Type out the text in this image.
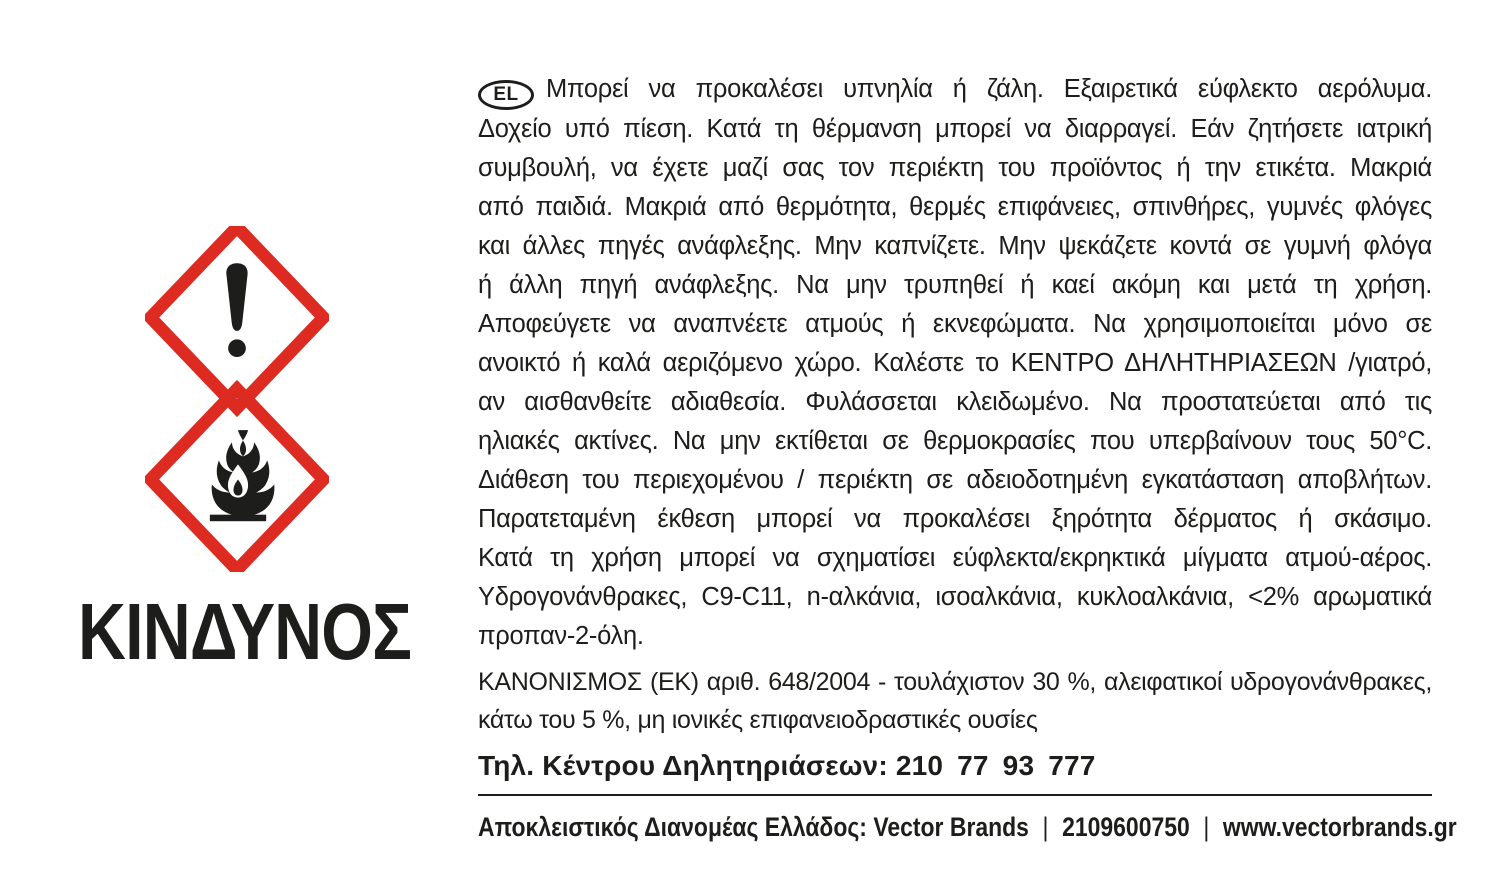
ΚΙΝΔΥΝΟΣ
EL Μπορεί να προκαλέσει υπνηλία ή ζάλη. Εξαιρετικά εύφλεκτο αερόλυμα.
Δοχείο υπό πίεση. Κατά τη θέρμανση μπορεί να διαρραγεί. Εάν ζητήσετε ιατρική
συμβουλή, να έχετε μαζί σας τον περιέκτη του προϊόντος ή την ετικέτα. Μακριά
από παιδιά. Μακριά από θερμότητα, θερμές επιφάνειες, σπινθήρες, γυμνές φλόγες
και άλλες πηγές ανάφλεξης. Μην καπνίζετε. Μην ψεκάζετε κοντά σε γυμνή φλόγα
ή άλλη πηγή ανάφλεξης. Να μην τρυπηθεί ή καεί ακόμη και μετά τη χρήση.
Αποφεύγετε να αναπνέετε ατμούς ή εκνεφώματα. Να χρησιμοποιείται μόνο σε
ανοικτό ή καλά αεριζόμενο χώρο. Καλέστε το ΚΕΝΤΡΟ ΔΗΛΗΤΗΡΙΑΣΕΩΝ /γιατρό,
αν αισθανθείτε αδιαθεσία. Φυλάσσεται κλειδωμένο. Να προστατεύεται από τις
ηλιακές ακτίνες. Να μην εκτίθεται σε θερμοκρασίες που υπερβαίνουν τους 50°C.
Διάθεση του περιεχομένου / περιέκτη σε αδειοδοτημένη εγκατάσταση αποβλήτων.
Παρατεταμένη έκθεση μπορεί να προκαλέσει ξηρότητα δέρματος ή σκάσιμο.
Κατά τη χρήση μπορεί να σχηματίσει εύφλεκτα/εκρηκτικά μίγματα ατμού-αέρος.
Υδρογονάνθρακες, C9-C11, n-αλκάνια, ισοαλκάνια, κυκλοαλκάνια, <2% αρωματικά
προπαν-2-όλη.
ΚΑΝΟΝΙΣΜΟΣ (ΕΚ) αριθ. 648/2004 - τουλάχιστον 30 %, αλειφατικοί υδρογονάνθρακες,
κάτω του 5 %, μη ιονικές επιφανειοδραστικές ουσίες
Τηλ. Κέντρου Δηλητηριάσεων: 210 77 93 777
Αποκλειστικός Διανομέας Ελλάδος: Vector Brands | 2109600750 | www.vectorbrands.gr
